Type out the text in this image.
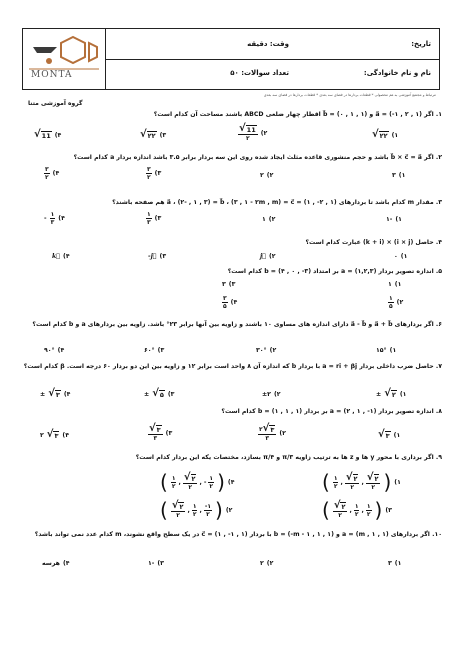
MONTA
تاریخ:
وقت: دقیقه
نام و نام خانوادگی:
تعداد سوالات: ۵۰
مرتباط و مجتمع آموزشی به هم محصولی * قطعات بردارها در فضای سه بعدی * قطعات بردارها در فضای سه بعدی
گروه آموزشی متنا
۱. اگر (۱ , ۲ , ۱-) = a⃗ و (۱ , ۱ , ۰) = b⃗ اقطار چهار ضلعی ABCD باشند مساحت آن کدام است؟
√ 11 (۴	√ ۲۲ (۳	$\frac{√ 11}{۲}$ (۲	√ ۲۲ (۱
۲. اگر b⃗ × c⃗ = a⃗ باشد و حجم منشوری قاعده مثلث ایجاد شده روی این سه بردار برابر ۳.۵ باشد اندازه بردار a کدام است؟
$\frac{۳}{۲}$ (۴	$\frac{۳}{۲}$ (۳	۲ (۲	۳ (۱
۳. مقدار m کدام باشد تا بردارهای (۱ , ۲- , ۱) = a⃗ ، (۲- , ۱ , ۳) = b⃗ ، (۳ , ۱ - ۲m , m) = c⃗ هم صفحه باشند؟
- $\frac{۱}{۳}$ (۴	$\frac{۱}{۳}$ (۳	۱ (۲	۱- (۱
۴. حاصل (i × j) × (k + i) عبارت کدام است؟
k⃗ (۴	-j⃗ (۳	j⃗ (۲	۰ (۱
۵. اندازه تصویر بردار (۱,۲,۳) = a بر امتداد (۳- , ۰ , ۴) = b کدام است؟
۳ (۳	۱ (۱
$\frac{۳}{۵}$ (۴	$\frac{۱}{۵}$ (۲
۶. اگر بردارهای a⃗ + b⃗ و a⃗ - b⃗ دارای اندازه های مساوی ۱۰ باشند و زاویه بین آنها برابر ۲۳° باشد. زاویه بین بردارهای a و b کدام است؟
۹۰° (۴	۶۰° (۳	۳۰° (۲	۱۵° (۱
۷. حاصل ضرب داخلی بردار a = ri + βj با بردار b که اندازه آن ۸ واحد است برابر ۱۲ و زاویه بین این دو بردار ۶۰ درجه است. β کدام است؟
± √ ۳ (۴	± √ ۵ (۳	±۲ (۲	± √ ۲ (۱
۸. اندازه تصویر بردار (۱- , ۱ , ۲) = a بر بردار (۱ , ۱ , ۱) = b کدام است؟
۲ √ ۳ (۴	$\frac{√ ۳}{۳}$ (۳	$\frac{۲ √ ۳}{۳}$ (۲	√ ۳ (۱
۹. اگر برداری با محور y ها و z ها به ترتیب زاویه π/۳ و π/۴ بسازد، مختصات یکه این بردار کدام است؟
( $\frac{۱}{۲}$ , $\frac{√ ۲}{۲}$ , - $\frac{۱}{۲}$ ) (۴	( $\frac{۱}{۲}$ , $\frac{√ ۲}{۲}$ , $\frac{√ ۲}{۲}$ ) (۱
( $\frac{√ ۲}{۲}$ , $\frac{۱}{۲}$ , $\frac{-۱}{۲}$ ) (۲	( $\frac{√ ۲}{۲}$ , $\frac{۱}{۲}$ , $\frac{۱}{۲}$ ) (۳
۱۰. اگر بردارهای (۱ , m , ۱) = a و (۱ , m - ۱ , ۱-) = b با بردار (۱ , ۱- , ۱) = c⃗ در یک سطح واقع نشوند، m کدام عدد نمی تواند باشد؟
هرسه (۴	۱- (۳	۲ (۲	۳ (۱
